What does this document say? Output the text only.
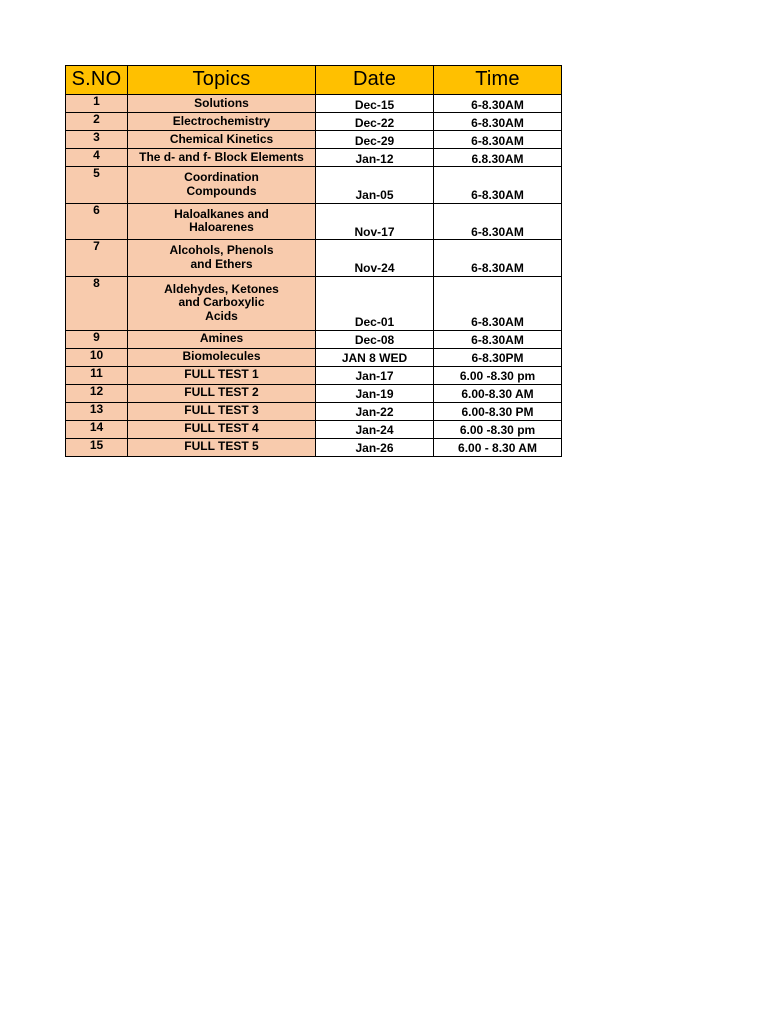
S.NO	Topics	Date	Time
1	Solutions	Dec-15	6-8.30AM
2	Electrochemistry	Dec-22	6-8.30AM
3	Chemical Kinetics	Dec-29	6-8.30AM
4	The d- and f- Block Elements	Jan-12	6.8.30AM
5	Coordination
Compounds	Jan-05	6-8.30AM
6	Haloalkanes and
Haloarenes	Nov-17	6-8.30AM
7	Alcohols, Phenols
and Ethers	Nov-24	6-8.30AM
8	Aldehydes, Ketones
and Carboxylic
Acids	Dec-01	6-8.30AM
9	Amines	Dec-08	6-8.30AM
10	Biomolecules	JAN 8 WED	6-8.30PM
11	FULL TEST 1	Jan-17	6.00 -8.30 pm
12	FULL TEST 2	Jan-19	6.00-8.30 AM
13	FULL TEST 3	Jan-22	6.00-8.30 PM
14	FULL TEST 4	Jan-24	6.00 -8.30 pm
15	FULL TEST 5	Jan-26	6.00 - 8.30 AM
